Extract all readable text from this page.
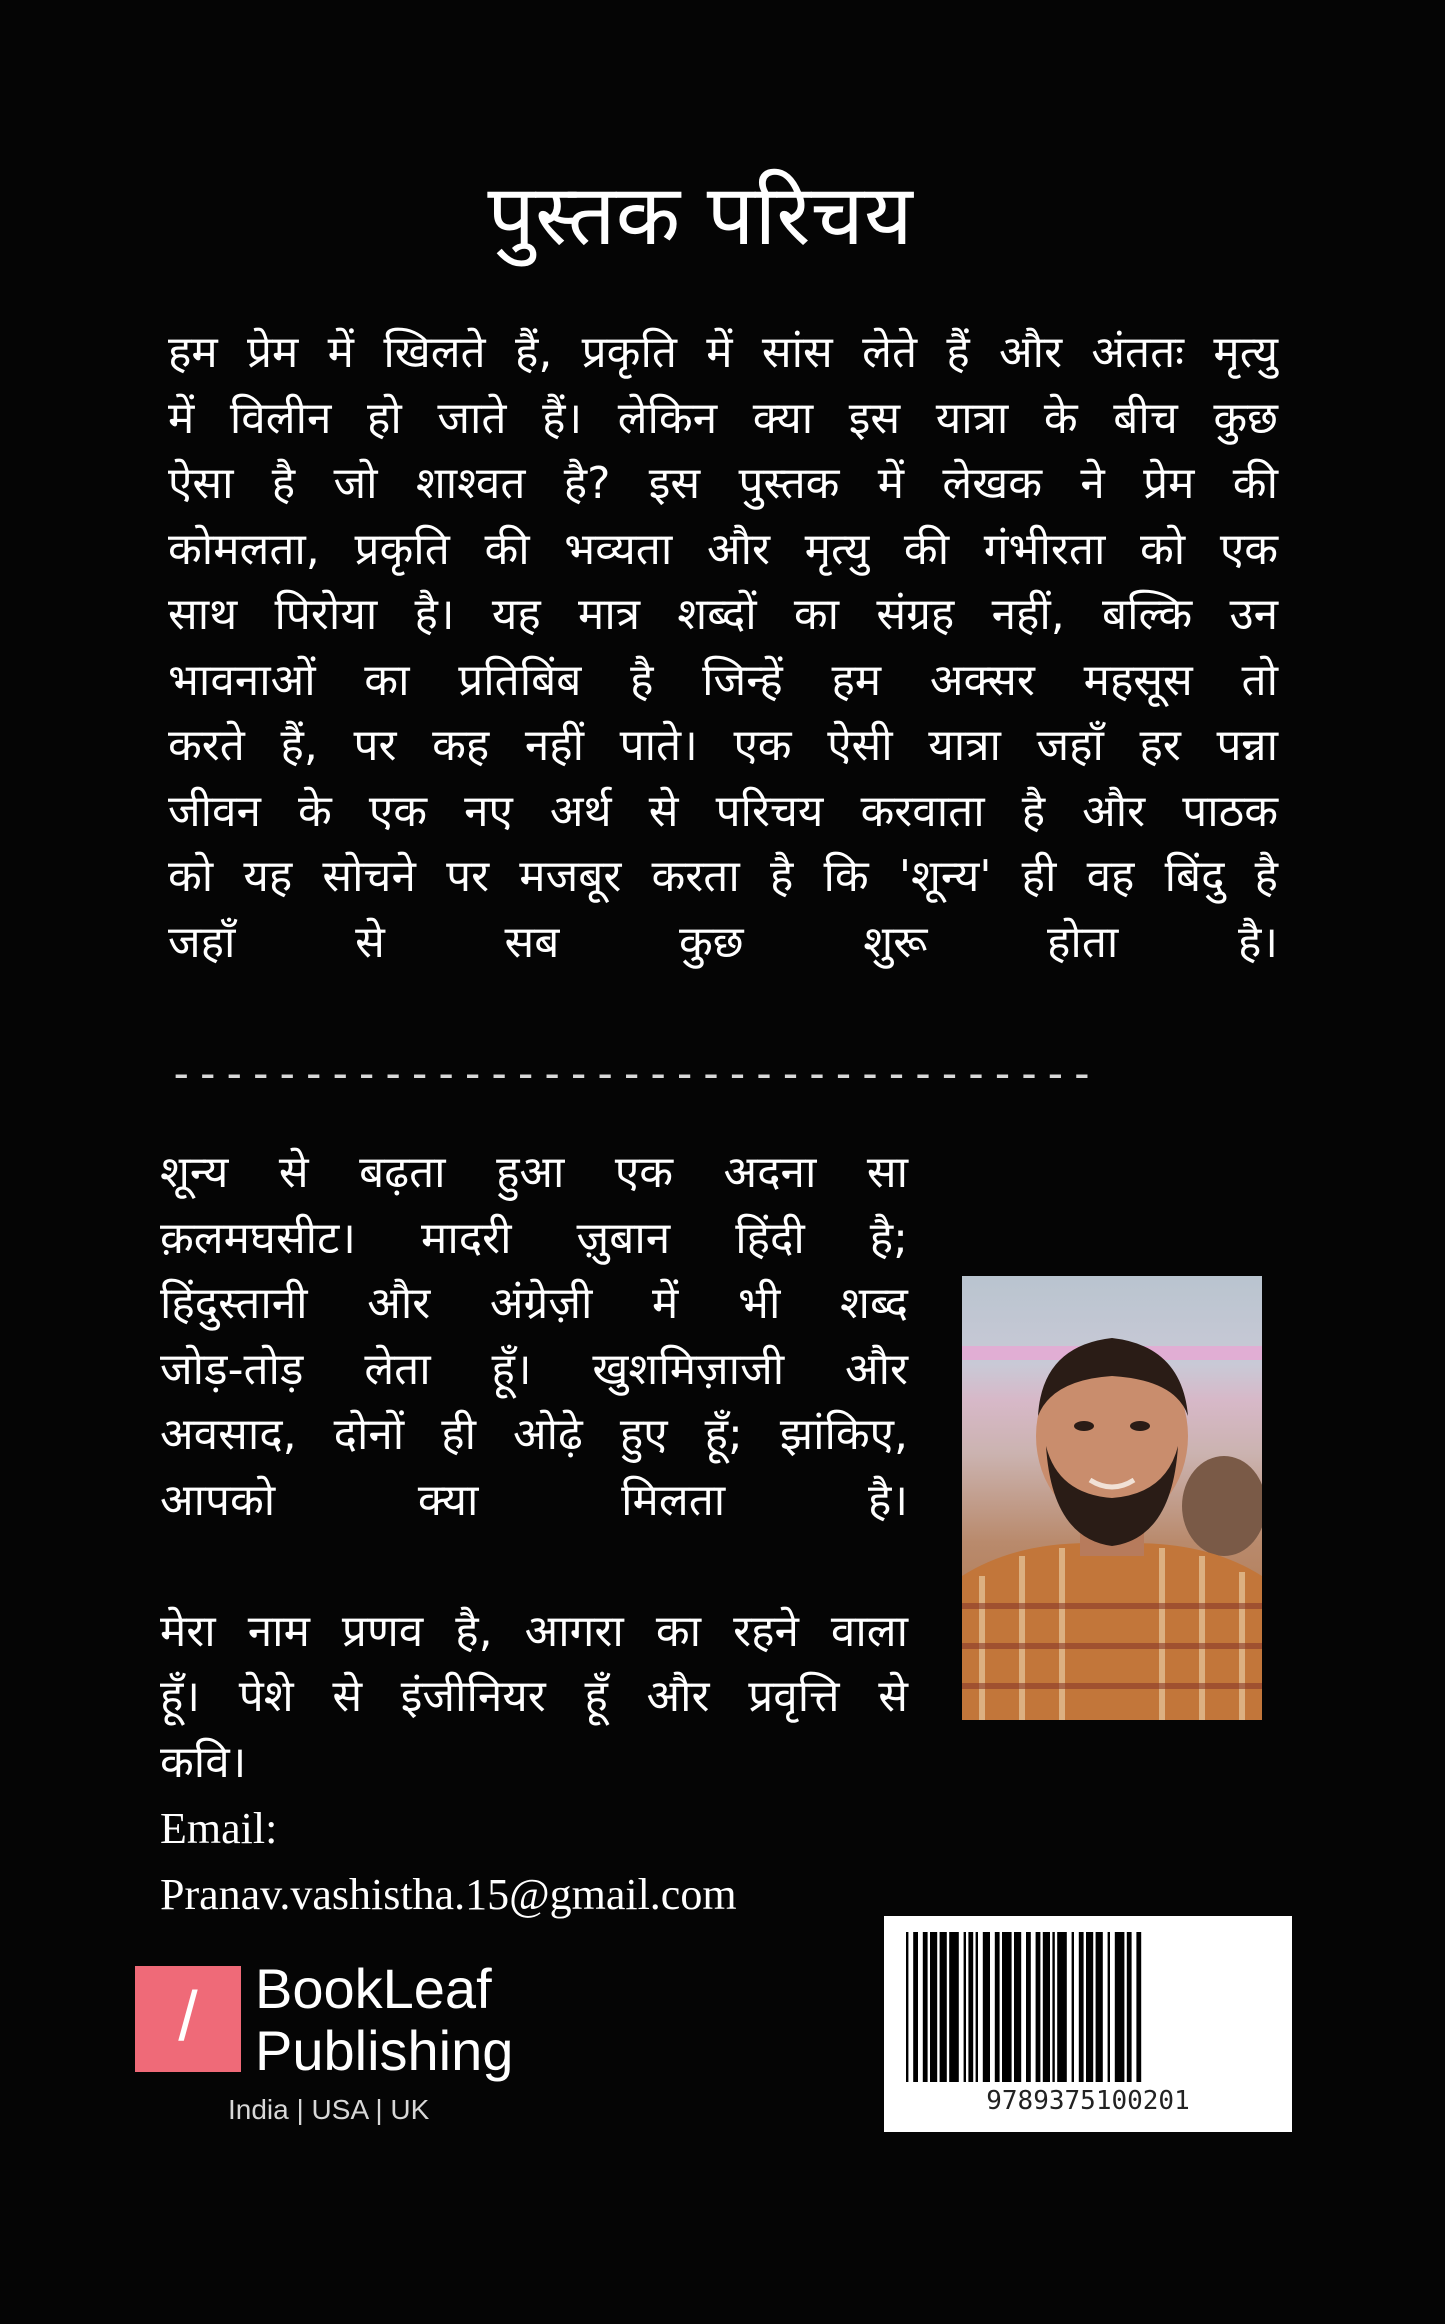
पुस्तक परिचय
हम प्रेम में खिलते हैं, प्रकृति में सांस लेते हैं और अंततः मृत्यु
में विलीन हो जाते हैं। लेकिन क्या इस यात्रा के बीच कुछ
ऐसा है जो शाश्वत है? इस पुस्तक में लेखक ने प्रेम की
कोमलता, प्रकृति की भव्यता और मृत्यु की गंभीरता को एक
साथ पिरोया है। यह मात्र शब्दों का संग्रह नहीं, बल्कि उन
भावनाओं का प्रतिबिंब है जिन्हें हम अक्सर महसूस तो
करते हैं, पर कह नहीं पाते। एक ऐसी यात्रा जहाँ हर पन्ना
जीवन के एक नए अर्थ से परिचय करवाता है और पाठक
को यह सोचने पर मजबूर करता है कि 'शून्य' ही वह बिंदु है
जहाँ से सब कुछ शुरू होता है।
-----------------------------------
शून्य से बढ़ता हुआ एक अदना सा
क़लमघसीट। मादरी ज़ुबान हिंदी है;
हिंदुस्तानी और अंग्रेज़ी में भी शब्द
जोड़-तोड़ लेता हूँ। खुशमिज़ाजी और
अवसाद, दोनों ही ओढ़े हुए हूँ; झांकिए,
आपको क्या मिलता है।
मेरा नाम प्रणव है, आगरा का रहने वाला
हूँ। पेशे से इंजीनियर हूँ और प्रवृत्ति से
कवि।
Email:
Pranav.vashistha.15@gmail.com
/	BookLeaf
Publishing
India | USA | UK	9789375100201
